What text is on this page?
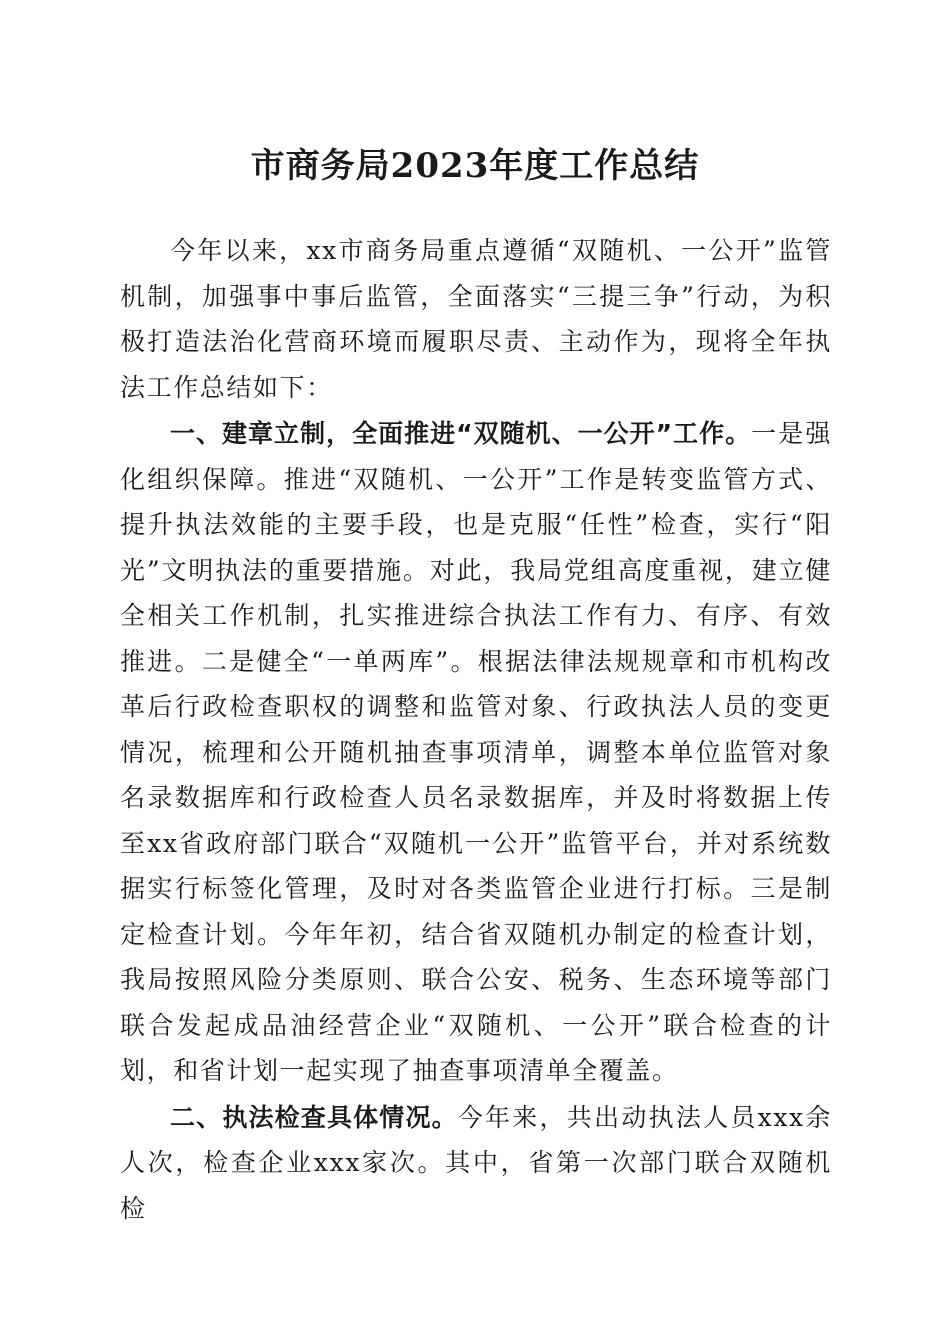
市商务局2023年度工作总结

今年以来，xx市商务局重点遵循“双随机、一公开”监管机制，加强事中事后监管，全面落实“三提三争”行动，为积极打造法治化营商环境而履职尽责、主动作为，现将全年执法工作总结如下：

一、建章立制，全面推进“双随机、一公开”工作。一是强化组织保障。推进“双随机、一公开”工作是转变监管方式、提升执法效能的主要手段，也是克服“任性”检查，实行“阳光”文明执法的重要措施。对此，我局党组高度重视，建立健全相关工作机制，扎实推进综合执法工作有力、有序、有效推进。二是健全“一单两库”。根据法律法规规章和市机构改革后行政检查职权的调整和监管对象、行政执法人员的变更情况，梳理和公开随机抽查事项清单，调整本单位监管对象名录数据库和行政检查人员名录数据库，并及时将数据上传至xx省政府部门联合“双随机一公开”监管平台，并对系统数据实行标签化管理，及时对各类监管企业进行打标。三是制定检查计划。今年年初，结合省双随机办制定的检查计划，我局按照风险分类原则、联合公安、税务、生态环境等部门联合发起成品油经营企业“双随机、一公开”联合检查的计划，和省计划一起实现了抽查事项清单全覆盖。

二、执法检查具体情况。今年来，共出动执法人员xxx余人次，检查企业xxx家次。其中，省第一次部门联合双随机检
